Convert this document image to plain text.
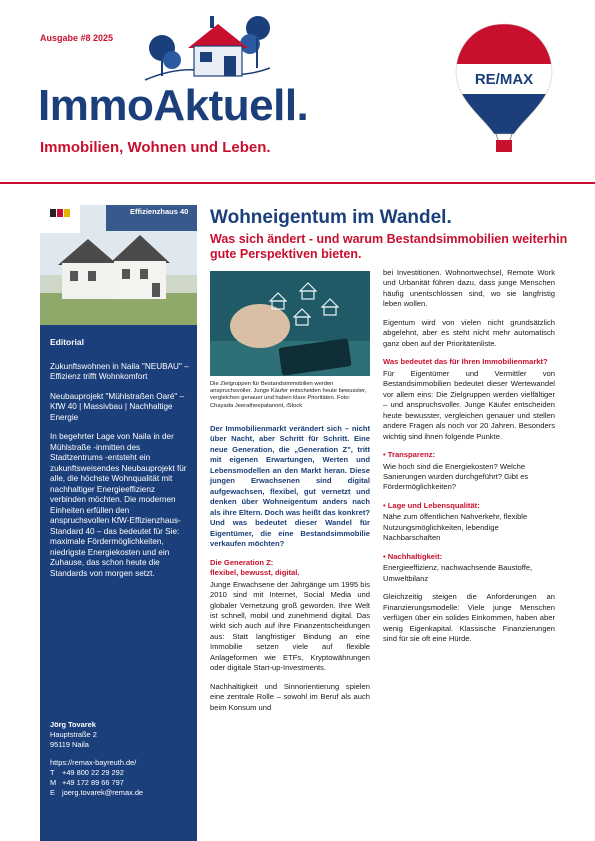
Ausgabe #8 2025
RE/MAX
ImmoAktuell.
Immobilien, Wohnen und Leben.
Effizienzhaus 40

Editorial

Zukunftswohnen in Naila "NEUBAU" – Effizienz trifft Wohnkomfort

Neubauprojekt "Mühlstraßen Oaré" – KfW 40 | Massivbau | Nachhaltige Energie

In begehrter Lage von Naila in der Mühlstraße -inmitten des Stadtzentrums -entsteht ein zukunftsweisendes Neubauprojekt für alle, die höchste Wohnqualität mit nachhaltiger Energieeffizienz verbinden möchten. Die modernen Einheiten erfüllen den anspruchsvollen KfW-Effizienzhaus-Standard 40 – das bedeutet für Sie: maximale Fördermöglichkeiten, niedrigste Energiekosten und ein Zuhause, das schon heute die Standards von morgen setzt.

Jörg Tovarek

Hauptstraße 2

95119 Naila

https://remax-bayreuth.de/

T	+49 800 22 29 292
M +49 172 89 66 797
E joerg.tovarek@remax.de
Wohneigentum im Wandel.
Was sich ändert - und warum Bestandsimmobilien weiterhin gute Perspektiven bieten.
Die Zielgruppen für Bestandsimmobilien werden anspruchsvoller. Junge Käufer entscheiden heute bewusster, vergleichen genauer und haben klare Prioritäten. Foto: Chayada Jeeratheepatanont, iStock

Der Immobilienmarkt verändert sich – nicht über Nacht, aber Schritt für Schritt. Eine neue Generation, die „Generation Z", tritt mit eigenen Erwartungen, Werten und Lebensmodellen an den Markt heran. Diese jungen Erwachsenen sind digital aufgewachsen, flexibel, gut vernetzt und denken über Wohneigentum anders nach als ihre Eltern. Doch was heißt das konkret? Und was bedeutet dieser Wandel für Eigentümer, die eine Bestandsimmobilie verkaufen möchten?

Die Generation Z:

flexibel, bewusst, digital.

Junge Erwachsene der Jahrgänge um 1995 bis 2010 sind mit Internet, Social Media und globaler Vernetzung groß geworden. Ihre Welt ist schnell, mobil und zunehmend digital. Das wirkt sich auch auf ihre Finanzentscheidungen aus: Statt langfristiger Bindung an eine Immobilie setzen viele auf flexible Anlageformen wie ETFs, Kryptowährungen oder digitale Start-up-Investments.

Nachhaltigkeit und Sinnorientierung spielen eine zentrale Rolle – sowohl im Beruf als auch beim Konsum und

bei Investitionen. Wohnortwechsel, Remote Work und Urbanität führen dazu, dass junge Menschen häufig unentschlossen sind, wo sie langfristig leben wollen.

Eigentum wird von vielen nicht grundsätzlich abgelehnt, aber es steht nicht mehr automatisch ganz oben auf der Prioritätenliste.

Was bedeutet das für Ihren Immobilienmarkt?

Für Eigentümer und Vermittler von Bestandsimmobilien bedeutet dieser Wertewandel vor allem eins: Die Zielgruppen werden vielfältiger – und anspruchsvoller. Junge Käufer entscheiden heute bewusster, vergleichen genauer und stellen andere Fragen als noch vor 20 Jahren. Besonders wichtig sind ihnen folgende Punkte.

• Transparenz:

Wie hoch sind die Energiekosten? Welche Sanierungen wurden durchgeführt? Gibt es Fördermöglichkeiten?

• Lage und Lebensqualität:

Nähe zum öffentlichen Nahverkehr, flexible Nutzungsmöglichkeiten, lebendige Nachbarschaften

• Nachhaltigkeit:

Energieeffizienz, nachwachsende Baustoffe, Umweltbilanz

Gleichzeitig steigen die Anforderungen an Finanzierungsmodelle: Viele junge Menschen verfügen über ein solides Einkommen, haben aber wenig Eigenkapital. Klassische Finanzierungen sind für sie oft eine Hürde.
